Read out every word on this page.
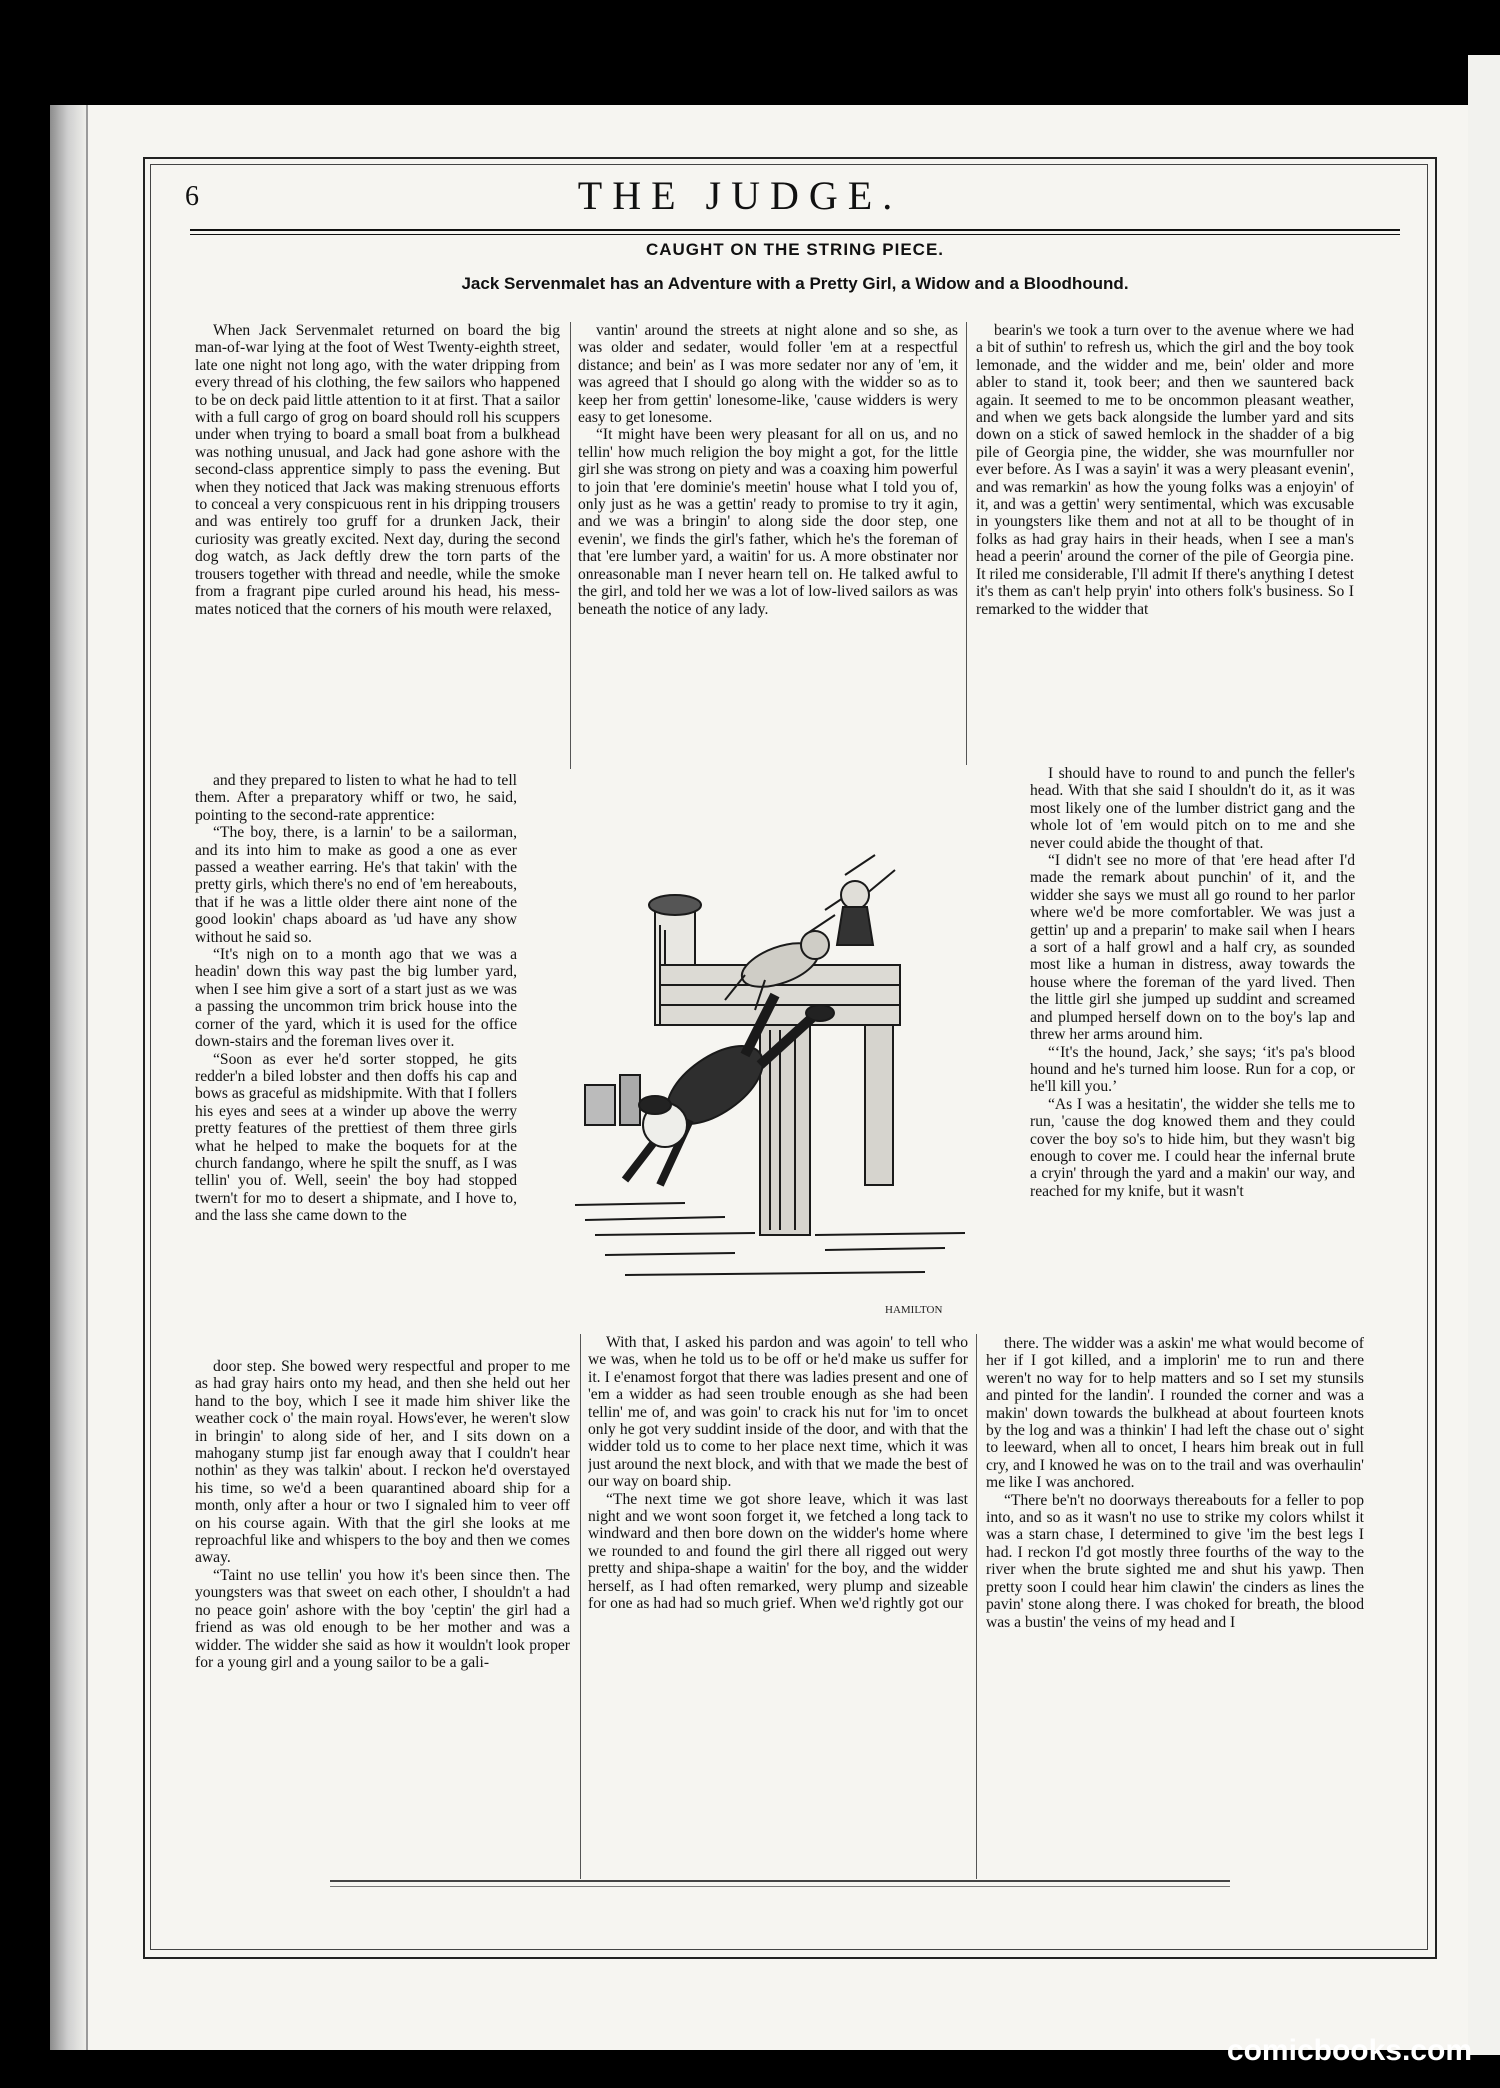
6	THE JUDGE.
CAUGHT ON THE STRING PIECE.
Jack Servenmalet has an Adventure with a Pretty Girl, a Widow and a Bloodhound.

When Jack Servenmalet returned on board the big man-of-war lying at the foot of West Twenty-eighth street, late one night not long ago, with the water dripping from every thread of his clothing, the few sailors who happened to be on deck paid little attention to it at first. That a sailor with a full cargo of grog on board should roll his scuppers under when trying to board a small boat from a bulkhead was nothing unusual, and Jack had gone ashore with the second-class apprentice simply to pass the evening. But when they noticed that Jack was making strenuous efforts to conceal a very conspicuous rent in his dripping trousers and was entirely too gruff for a drunken Jack, their curiosity was greatly excited. Next day, during the second dog watch, as Jack deftly drew the torn parts of the trousers together with thread and needle, while the smoke from a fragrant pipe curled around his head, his mess-mates noticed that the corners of his mouth were relaxed,

and they prepared to listen to what he had to tell them. After a preparatory whiff or two, he said, pointing to the second-rate apprentice:

“The boy, there, is a larnin' to be a sailorman, and its into him to make as good a one as ever passed a weather earring. He's that takin' with the pretty girls, which there's no end of 'em hereabouts, that if he was a little older there aint none of the good lookin' chaps aboard as 'ud have any show without he said so.

“It's nigh on to a month ago that we was a headin' down this way past the big lumber yard, when I see him give a sort of a start just as we was a passing the uncommon trim brick house into the corner of the yard, which it is used for the office down-stairs and the foreman lives over it.

“Soon as ever he'd sorter stopped, he gits redder'n a biled lobster and then doffs his cap and bows as graceful as midshipmite. With that I follers his eyes and sees at a winder up above the werry pretty features of the prettiest of them three girls what he helped to make the boquets for at the church fandango, where he spilt the snuff, as I was tellin' you of. Well, seein' the boy had stopped twern't for mo to desert a shipmate, and I hove to, and the lass she came down to the

door step. She bowed wery respectful and proper to me as had gray hairs onto my head, and then she held out her hand to the boy, which I see it made him shiver like the weather cock o' the main royal. Hows'ever, he weren't slow in bringin' to along side of her, and I sits down on a mahogany stump jist far enough away that I couldn't hear nothin' as they was talkin' about. I reckon he'd overstayed his time, so we'd a been quarantined aboard ship for a month, only after a hour or two I signaled him to veer off on his course again. With that the girl she looks at me reproachful like and whispers to the boy and then we comes away.

“Taint no use tellin' you how it's been since then. The youngsters was that sweet on each other, I shouldn't a had no peace goin' ashore with the boy 'ceptin' the girl had a friend as was old enough to be her mother and was a widder. The widder she said as how it wouldn't look proper for a young girl and a young sailor to be a gali-

vantin' around the streets at night alone and so she, as was older and sedater, would foller 'em at a respectful distance; and bein' as I was more sedater nor any of 'em, it was agreed that I should go along with the widder so as to keep her from gettin' lonesome-like, 'cause widders is wery easy to get lonesome.

“It might have been wery pleasant for all on us, and no tellin' how much religion the boy might a got, for the little girl she was strong on piety and was a coaxing him powerful to join that 'ere dominie's meetin' house what I told you of, only just as he was a gettin' ready to promise to try it agin, and we was a bringin' to along side the door step, one evenin', we finds the girl's father, which he's the foreman of that 'ere lumber yard, a waitin' for us. A more obstinater nor onreasonable man I never hearn tell on. He talked awful to the girl, and told her we was a lot of low-lived sailors as was beneath the notice of any lady.

With that, I asked his pardon and was agoin' to tell who we was, when he told us to be off or he'd make us suffer for it. I e'enamost forgot that there was ladies present and one of 'em a widder as had seen trouble enough as she had been tellin' me of, and was goin' to crack his nut for 'im to oncet only he got very suddint inside of the door, and with that the widder told us to come to her place next time, which it was just around the next block, and with that we made the best of our way on board ship.

“The next time we got shore leave, which it was last night and we wont soon forget it, we fetched a long tack to windward and then bore down on the widder's home where we rounded to and found the girl there all rigged out wery pretty and shipa-shape a waitin' for the boy, and the widder herself, as I had often remarked, wery plump and sizeable for one as had had so much grief. When we'd rightly got our

bearin's we took a turn over to the avenue where we had a bit of suthin' to refresh us, which the girl and the boy took lemonade, and the widder and me, bein' older and more abler to stand it, took beer; and then we sauntered back again. It seemed to me to be oncommon pleasant weather, and when we gets back alongside the lumber yard and sits down on a stick of sawed hemlock in the shadder of a big pile of Georgia pine, the widder, she was mournfuller nor ever before. As I was a sayin' it was a wery pleasant evenin', and was remarkin' as how the young folks was a enjoyin' of it, and was a gettin' wery sentimental, which was excusable in youngsters like them and not at all to be thought of in folks as had gray hairs in their heads, when I see a man's head a peerin' around the corner of the pile of Georgia pine. It riled me considerable, I'll admit If there's anything I detest it's them as can't help pryin' into others folk's business. So I remarked to the widder that

I should have to round to and punch the feller's head. With that she said I shouldn't do it, as it was most likely one of the lumber district gang and the whole lot of 'em would pitch on to me and she never could abide the thought of that.

“I didn't see no more of that 'ere head after I'd made the remark about punchin' of it, and the widder she says we must all go round to her parlor where we'd be more comfortabler. We was just a gettin' up and a preparin' to make sail when I hears a sort of a half growl and a half cry, as sounded most like a human in distress, away towards the house where the foreman of the yard lived. Then the little girl she jumped up suddint and screamed and plumped herself down on to the boy's lap and threw her arms around him.

“‘It's the hound, Jack,’ she says; ‘it's pa's blood hound and he's turned him loose. Run for a cop, or he'll kill you.’

“As I was a hesitatin', the widder she tells me to run, 'cause the dog knowed them and they could cover the boy so's to hide him, but they wasn't big enough to cover me. I could hear the infernal brute a cryin' through the yard and a makin' our way, and reached for my knife, but it wasn't

there. The widder was a askin' me what would become of her if I got killed, and a implorin' me to run and there weren't no way for to help matters and so I set my stunsils and pinted for the landin'. I rounded the corner and was a makin' down towards the bulkhead at about fourteen knots by the log and was a thinkin' I had left the chase out o' sight to leeward, when all to oncet, I hears him break out in full cry, and I knowed he was on to the trail and was overhaulin' me like I was anchored.

“There be'n't no doorways thereabouts for a feller to pop into, and so as it wasn't no use to strike my colors whilst it was a starn chase, I determined to give 'im the best legs I had. I reckon I'd got mostly three fourths of the way to the river when the brute sighted me and shut his yawp. Then pretty soon I could hear him clawin' the cinders as lines the pavin' stone along there. I was choked for breath, the blood was a bustin' the veins of my head and I

HAMILTON
comicbooks.com
